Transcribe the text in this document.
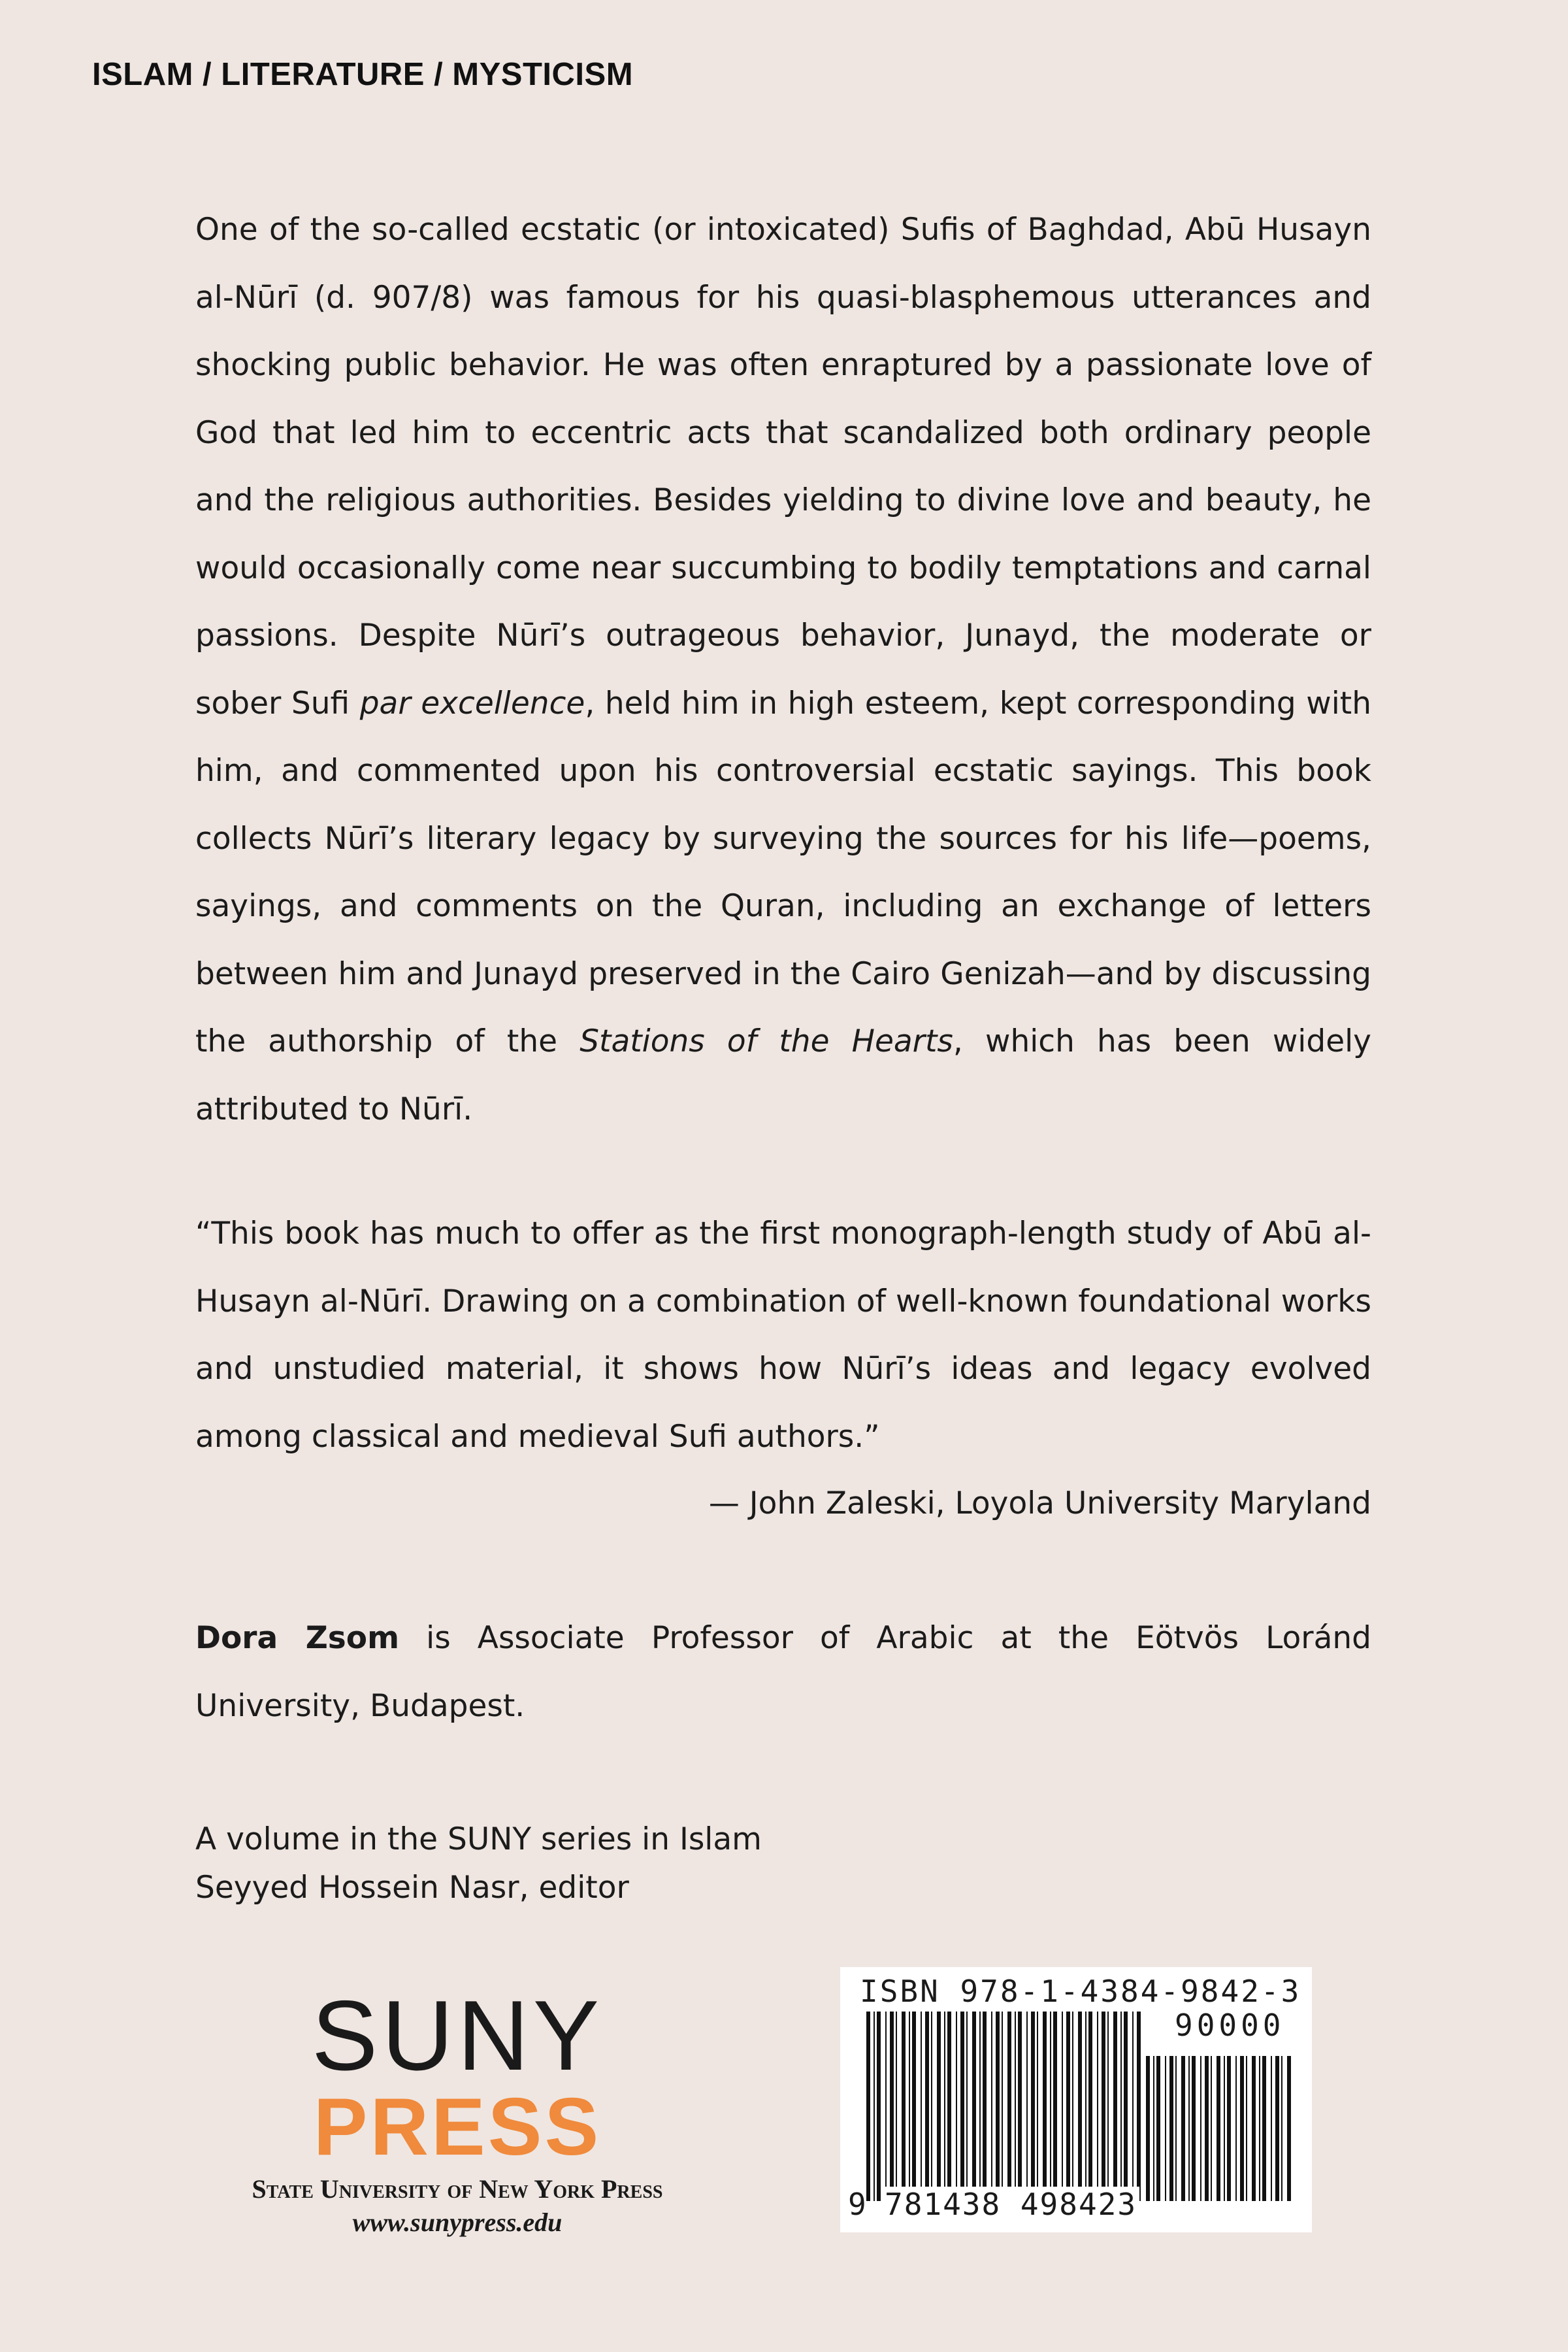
ISLAM / LITERATURE / MYSTICISM
One of the so-called ecstatic (or intoxicated) Sufis of Baghdad, Abū Husayn al-Nūrī (d. 907/8) was famous for his quasi-blasphemous utterances and shocking public behavior. He was often enraptured by a passionate love of God that led him to eccentric acts that scandalized both ordinary people and the religious authorities. Besides yielding to divine love and beauty, he would occasionally come near succumbing to bodily temptations and carnal passions. Despite Nūrī’s outrageous behavior, Junayd, the moderate or sober Sufi par excellence, held him in high esteem, kept corresponding with him, and commented upon his controversial ecstatic sayings. This book collects Nūrī’s literary legacy by surveying the sources for his life—poems, sayings, and comments on the Quran, including an exchange of letters between him and Junayd preserved in the Cairo Genizah—and by discussing the authorship of the Stations of the Hearts, which has been widely attributed to Nūrī.
“This book has much to offer as the first monograph-length study of Abū al-Husayn al-Nūrī. Drawing on a combination of well-known foundational works and unstudied material, it shows how Nūrī’s ideas and legacy evolved among classical and medieval Sufi authors.”
— John Zaleski, Loyola University Maryland
Dora Zsom is Associate Professor of Arabic at the Eötvös Loránd University, Budapest.
A volume in the SUNY series in Islam
Seyyed Hossein Nasr, editor
SUNY
PRESS
State University of New York Press
www.sunypress.edu
ISBN 978-1-4384-9842-3
90000
9 781438 498423
